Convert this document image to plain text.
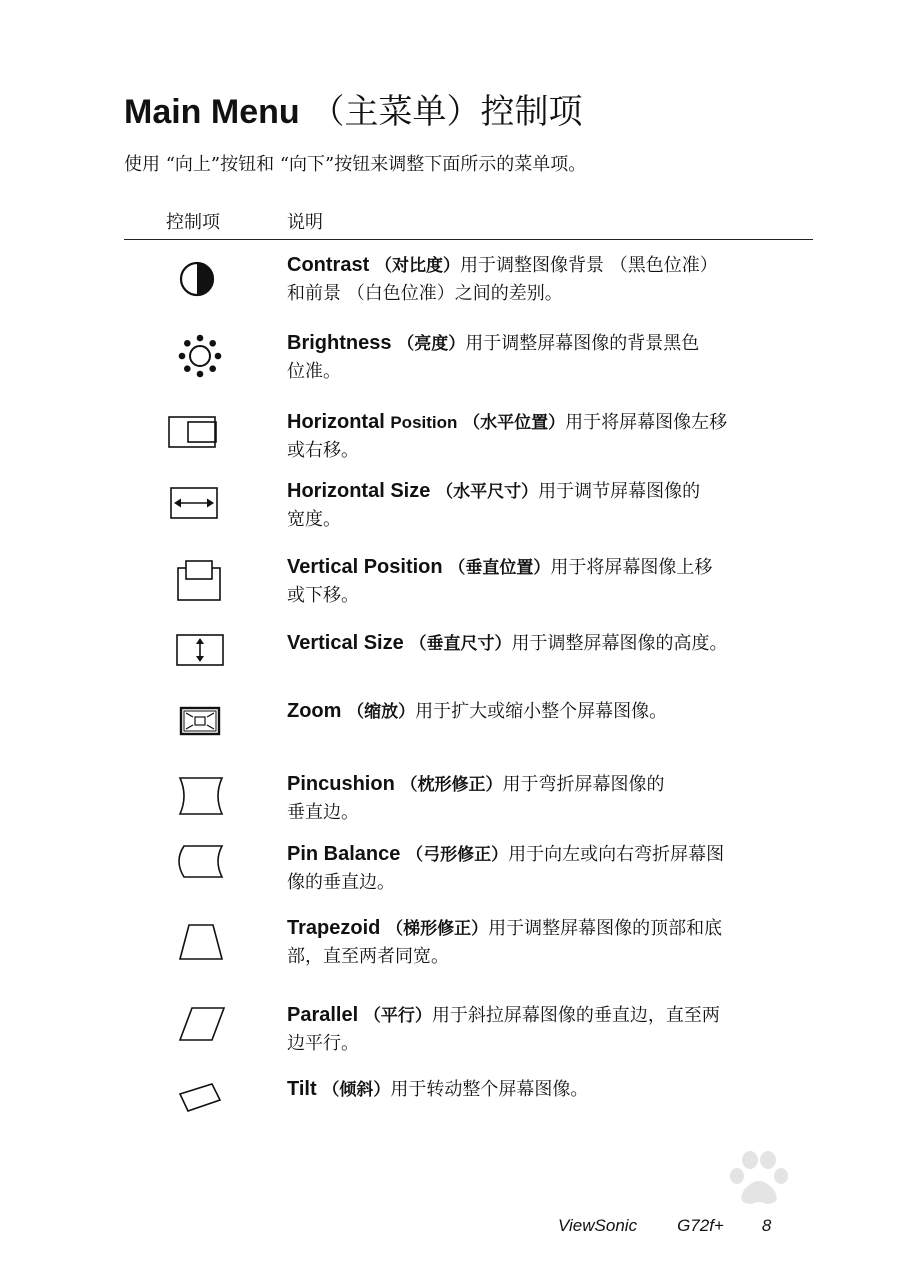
Main Menu （主菜单）控制项
使用 “向上”按钮和 “向下”按钮来调整下面所示的菜单项。
控制项	说明
Contrast （对比度）用于调整图像背景 （黑色位准）
和前景 （白色位准）之间的差别。
Brightness （亮度）用于调整屏幕图像的背景黑色
位准。
Horizontal Position （水平位置）用于将屏幕图像左移
或右移。
Horizontal Size （水平尺寸）用于调节屏幕图像的
宽度。
Vertical Position （垂直位置）用于将屏幕图像上移
或下移。
Vertical Size （垂直尺寸）用于调整屏幕图像的高度。
Zoom （缩放）用于扩大或缩小整个屏幕图像。
Pincushion （枕形修正）用于弯折屏幕图像的
垂直边。
Pin Balance （弓形修正）用于向左或向右弯折屏幕图
像的垂直边。
Trapezoid （梯形修正）用于调整屏幕图像的顶部和底
部，直至两者同宽。
Parallel （平行）用于斜拉屏幕图像的垂直边，直至两
边平行。
Tilt （倾斜）用于转动整个屏幕图像。
ViewSonic G72f+ 8
